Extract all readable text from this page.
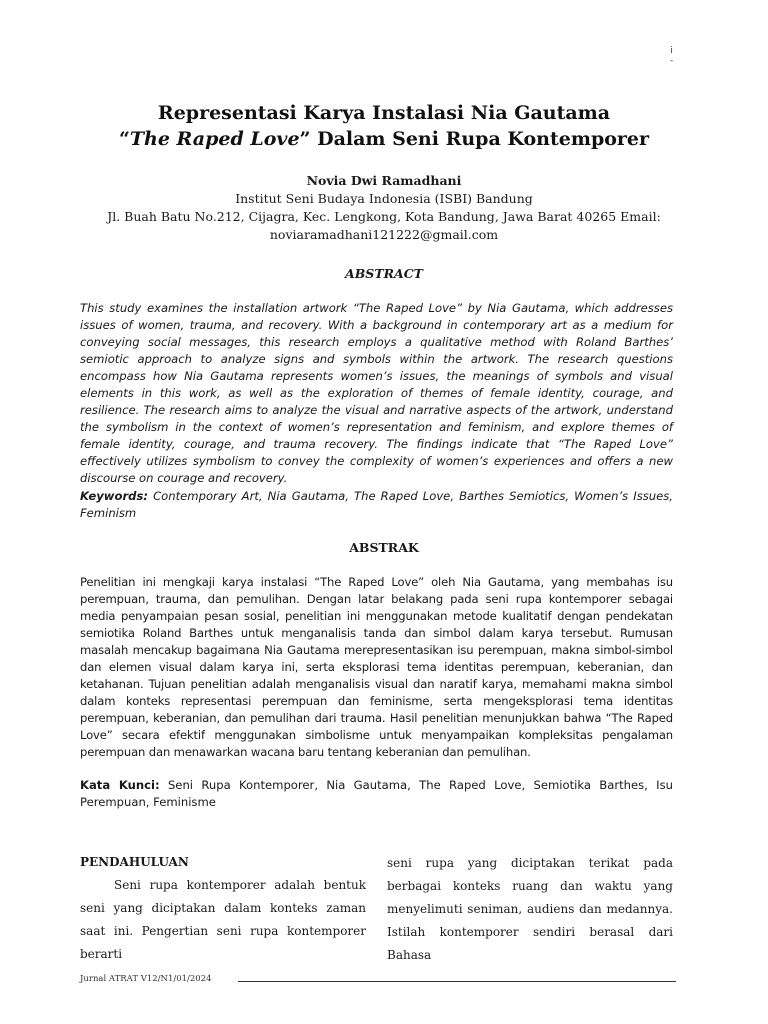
i
-
Representasi Karya Instalasi Nia Gautama
“The Raped Love” Dalam Seni Rupa Kontemporer
Novia Dwi Ramadhani
Institut Seni Budaya Indonesia (ISBI) Bandung
Jl. Buah Batu No.212, Cijagra, Kec. Lengkong, Kota Bandung, Jawa Barat 40265 Email:
noviaramadhani121222@gmail.com
ABSTRACT
This study examines the installation artwork “The Raped Love” by Nia Gautama, which addresses issues of women, trauma, and recovery. With a background in contemporary art as a medium for conveying social messages, this research employs a qualitative method with Roland Barthes’ semiotic approach to analyze signs and symbols within the artwork. The research questions encompass how Nia Gautama represents women’s issues, the meanings of symbols and visual elements in this work, as well as the exploration of themes of female identity, courage, and resilience. The research aims to analyze the visual and narrative aspects of the artwork, understand the symbolism in the context of women’s representation and feminism, and explore themes of female identity, courage, and trauma recovery. The findings indicate that “The Raped Love” effectively utilizes symbolism to convey the complexity of women’s experiences and offers a new discourse on courage and recovery.
Keywords: Contemporary Art, Nia Gautama, The Raped Love, Barthes Semiotics, Women’s Issues, Feminism
ABSTRAK
Penelitian ini mengkaji karya instalasi “The Raped Love” oleh Nia Gautama, yang membahas isu perempuan, trauma, dan pemulihan. Dengan latar belakang pada seni rupa kontemporer sebagai media penyampaian pesan sosial, penelitian ini menggunakan metode kualitatif dengan pendekatan semiotika Roland Barthes untuk menganalisis tanda dan simbol dalam karya tersebut. Rumusan masalah mencakup bagaimana Nia Gautama merepresentasikan isu perempuan, makna simbol-simbol dan elemen visual dalam karya ini, serta eksplorasi tema identitas perempuan, keberanian, dan ketahanan. Tujuan penelitian adalah menganalisis visual dan naratif karya, memahami makna simbol dalam konteks representasi perempuan dan feminisme, serta mengeksplorasi tema identitas perempuan, keberanian, dan pemulihan dari trauma. Hasil penelitian menunjukkan bahwa “The Raped Love” secara efektif menggunakan simbolisme untuk menyampaikan kompleksitas pengalaman perempuan dan menawarkan wacana baru tentang keberanian dan pemulihan.
Kata Kunci: Seni Rupa Kontemporer, Nia Gautama, The Raped Love, Semiotika Barthes, Isu Perempuan, Feminisme
PENDAHULUAN
Seni rupa kontemporer adalah bentuk seni yang diciptakan dalam konteks zaman saat ini. Pengertian seni rupa kontemporer berarti
seni rupa yang diciptakan terikat pada berbagai konteks ruang dan waktu yang menyelimuti seniman, audiens dan medannya. Istilah kontemporer sendiri berasal dari Bahasa
Jurnal ATRAT V12/N1/01/2024
